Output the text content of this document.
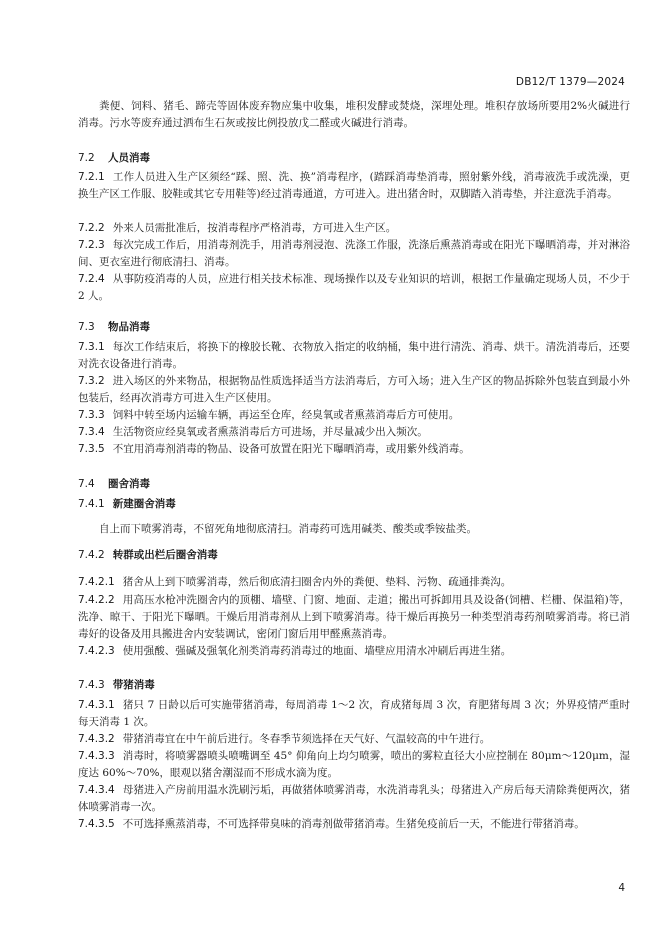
DB12/T 1379—2024

粪便、饲料、猪毛、蹄壳等固体废弃物应集中收集，堆积发酵或焚烧，深埋处理。堆积存放场所要用2%火碱进行消毒。污水等废弃通过洒布生石灰或按比例投放戊二醛或火碱进行消毒。

7.2 人员消毒
7.2.1 工作人员进入生产区须经“踩、照、洗、换”消毒程序，(踏踩消毒垫消毒，照射紫外线，消毒液洗手或洗澡，更换生产区工作服、胶鞋或其它专用鞋等)经过消毒通道，方可进入。进出猪舍时，双脚踏入消毒垫，并注意洗手消毒。
7.2.2 外来人员需批准后，按消毒程序严格消毒，方可进入生产区。
7.2.3 每次完成工作后，用消毒剂洗手，用消毒剂浸泡、洗涤工作服，洗涤后熏蒸消毒或在阳光下曝晒消毒，并对淋浴间、更衣室进行彻底清扫、消毒。
7.2.4 从事防疫消毒的人员，应进行相关技术标准、现场操作以及专业知识的培训，根据工作量确定现场人员，不少于 2 人。
7.3 物品消毒
7.3.1 每次工作结束后，将换下的橡胶长靴、衣物放入指定的收纳桶，集中进行清洗、消毒、烘干。清洗消毒后，还要对洗衣设备进行消毒。
7.3.2 进入场区的外来物品，根据物品性质选择适当方法消毒后，方可入场；进入生产区的物品拆除外包装直到最小外包装后，经再次消毒方可进入生产区使用。
7.3.3 饲料中转至场内运输车辆，再运至仓库，经臭氧或者熏蒸消毒后方可使用。
7.3.4 生活物资应经臭氧或者熏蒸消毒后方可进场，并尽量减少出入频次。
7.3.5 不宜用消毒剂消毒的物品、设备可放置在阳光下曝晒消毒，或用紫外线消毒。
7.4 圈舍消毒
7.4.1 新建圈舍消毒

自上而下喷雾消毒，不留死角地彻底清扫。消毒药可选用碱类、酸类或季铵盐类。

7.4.2 转群或出栏后圈舍消毒
7.4.2.1 猪舍从上到下喷雾消毒，然后彻底清扫圈舍内外的粪便、垫料、污物、疏通排粪沟。
7.4.2.2 用高压水枪冲洗圈舍内的顶棚、墙壁、门窗、地面、走道；搬出可拆卸用具及设备(饲槽、栏栅、保温箱)等，洗净、晾干、于阳光下曝晒。干燥后用消毒剂从上到下喷雾消毒。待干燥后再换另一种类型消毒药剂喷雾消毒。将已消毒好的设备及用具搬进舍内安装调试，密闭门窗后用甲醛熏蒸消毒。
7.4.2.3 使用强酸、强碱及强氧化剂类消毒药消毒过的地面、墙壁应用清水冲刷后再进生猪。
7.4.3 带猪消毒
7.4.3.1 猪只 7 日龄以后可实施带猪消毒，每周消毒 1～2 次，育成猪每周 3 次，育肥猪每周 3 次；外界疫情严重时每天消毒 1 次。
7.4.3.2 带猪消毒宜在中午前后进行。冬春季节须选择在天气好、气温较高的中午进行。
7.4.3.3 消毒时，将喷雾器喷头喷嘴调至 45° 仰角向上均匀喷雾，喷出的雾粒直径大小应控制在 80μm～120μm，湿度达 60%～70%，眼观以猪舍潮湿而不形成水滴为度。
7.4.3.4 母猪进入产房前用温水洗刷污垢，再做猪体喷雾消毒，水洗消毒乳头；母猪进入产房后每天清除粪便两次，猪体喷雾消毒一次。
7.4.3.5 不可选择熏蒸消毒，不可选择带臭味的消毒剂做带猪消毒。生猪免疫前后一天，不能进行带猪消毒。
4
